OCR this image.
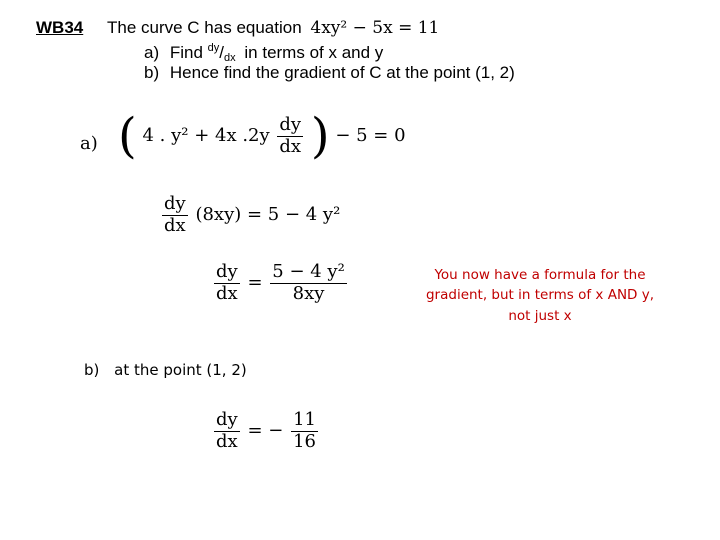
WB34 The curve C has equation 4xy² − 5x = 11
a) Find $^{dy}/_{dx}$ in terms of x and y
b) Hence find the gradient of C at the point (1, 2)
a) ( 4 . y² + 4x $.2y \frac{dy}{dx}$ ) − 5 = 0
$\frac{dy}{dx} (8xy) = 5 - 4$ y²
$\frac{dy}{dx} = \frac{\text{5 − 4 y²}}{8xy}$	You now have a formula for the
gradient, but in terms of x AND y,
not just x
b) at the point (1, 2)
$\frac{dy}{dx}$ = − $\frac{11}{16}$
